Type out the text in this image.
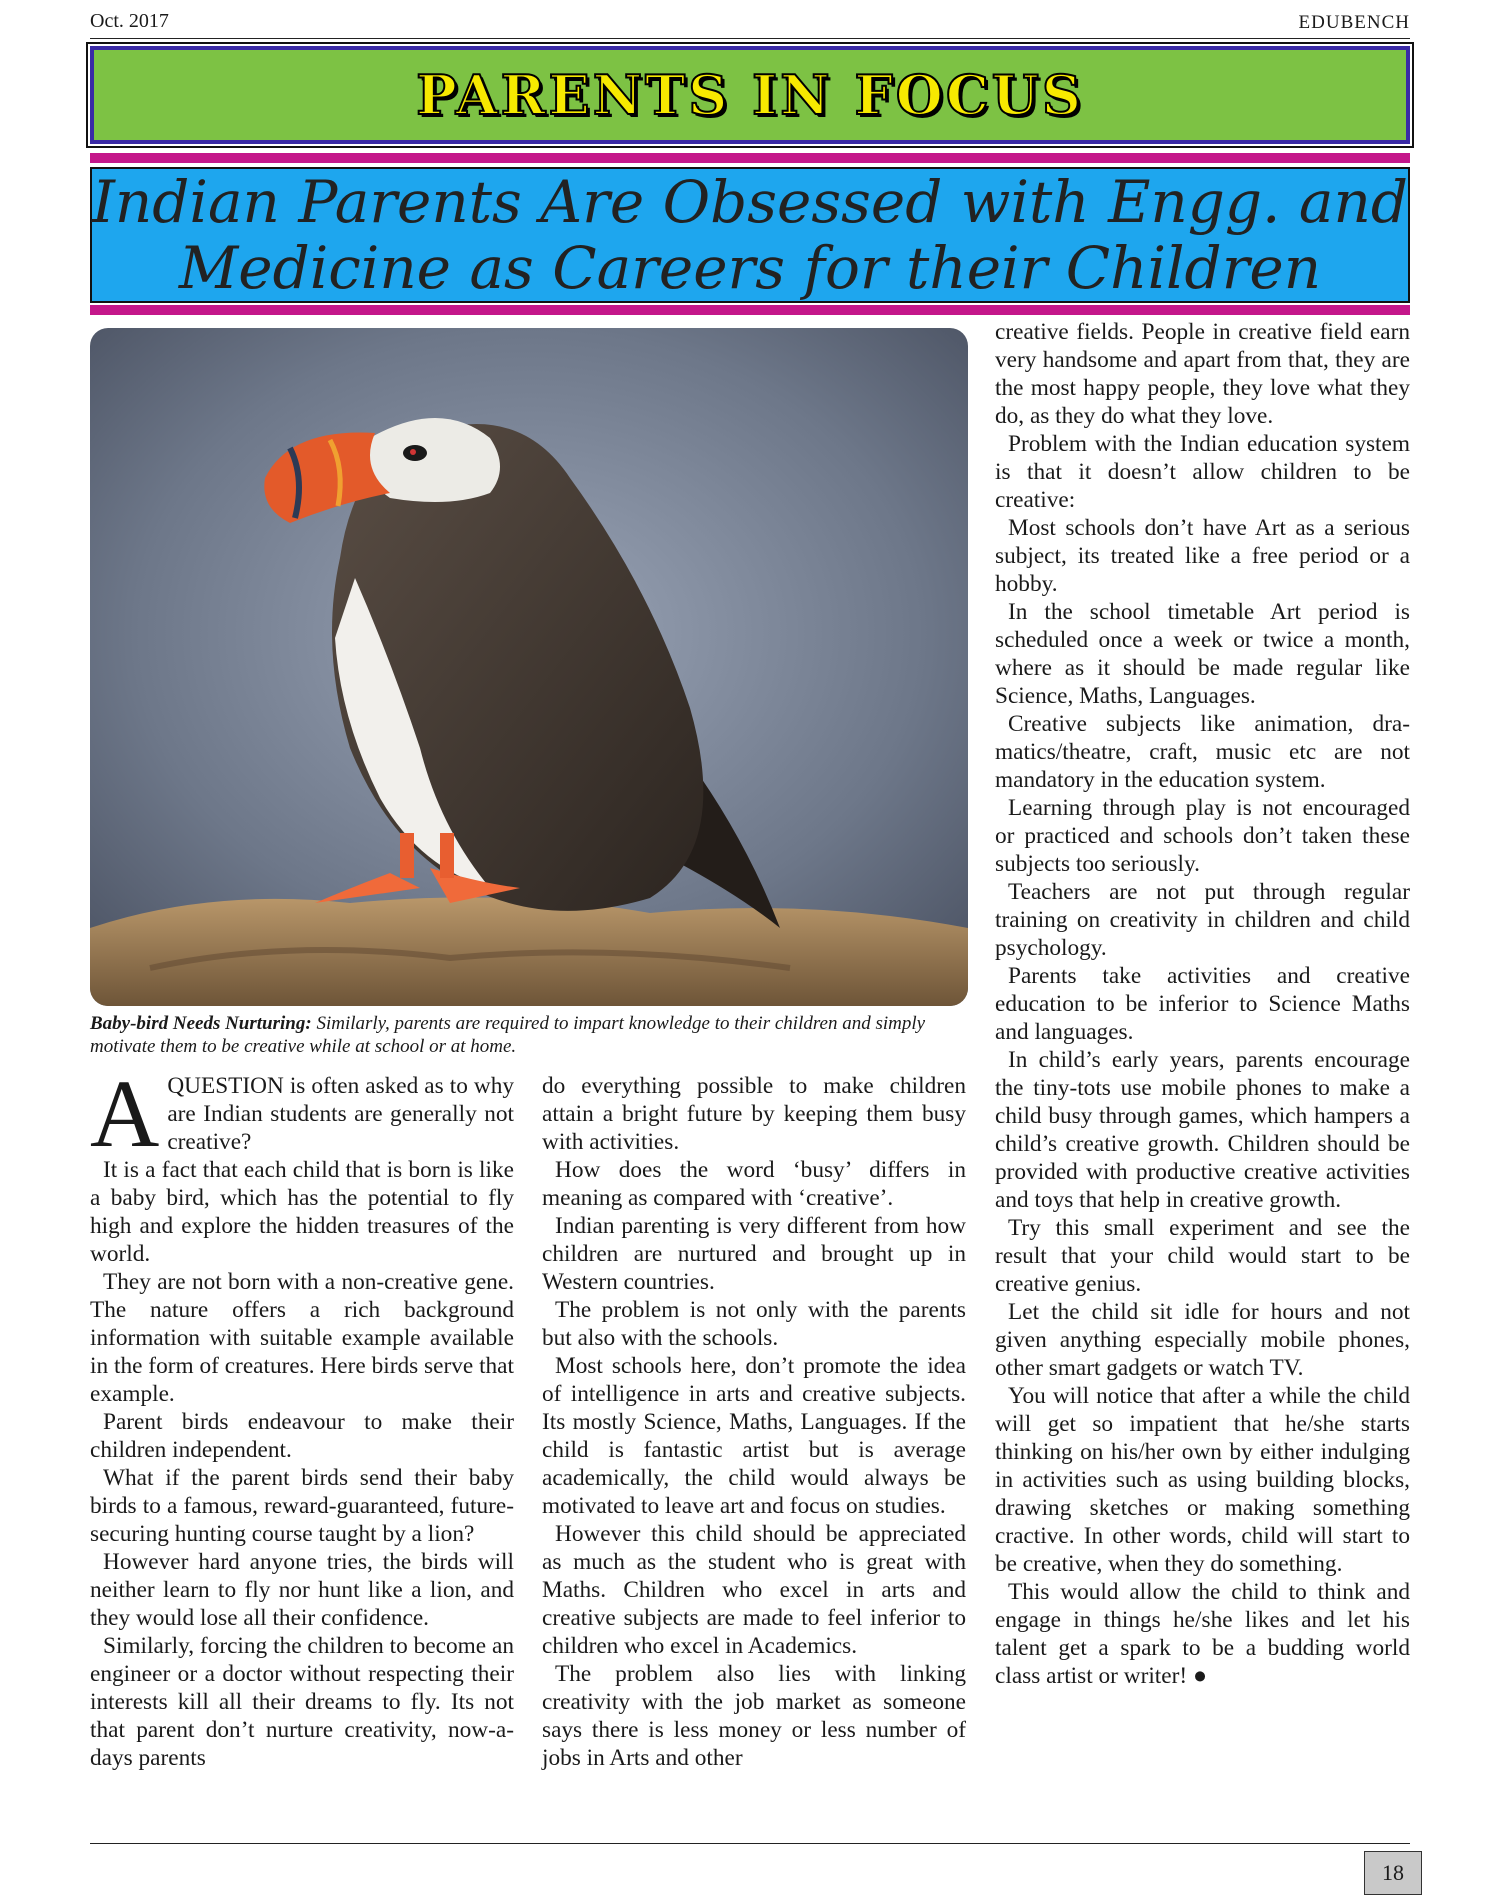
Oct. 2017	EDUBENCH
PARENTS IN FOCUS
Indian Parents Are Obsessed with Engg. and
Medicine as Careers for their Children
Baby-bird Needs Nurturing: Similarly, parents are required to impart knowledge to their children and simply motivate them to be creative while at school or at home.
A QUESTION is often asked as to why are Indian students are generally not creative?

It is a fact that each child that is born is like a baby bird, which has the potential to fly high and explore the hidden treasures of the world.

They are not born with a non-creative gene. The nature offers a rich background information with suitable example available in the form of creatures. Here birds serve that example.

Parent birds endeavour to make their children independent.

What if the parent birds send their baby birds to a famous, reward-guaranteed, future-securing hunting course taught by a lion?

However hard anyone tries, the birds will neither learn to fly nor hunt like a lion, and they would lose all their confidence.

Similarly, forcing the children to become an engineer or a doctor without respecting their interests kill all their dreams to fly. Its not that parent don’t nurture creativity, now-a-days parents

do everything possible to make children attain a bright future by keeping them busy with activities.

How does the word ‘busy’ differs in meaning as compared with ‘creative’.

Indian parenting is very different from how children are nurtured and brought up in Western countries.

The problem is not only with the parents but also with the schools.

Most schools here, don’t promote the idea of intelligence in arts and creative subjects. Its mostly Science, Maths, Languages. If the child is fantastic artist but is average academically, the child would always be motivated to leave art and focus on studies.

However this child should be appreciated as much as the student who is great with Maths. Children who excel in arts and creative subjects are made to feel inferior to children who excel in Academics.

The problem also lies with linking creativity with the job market as someone says there is less money or less number of jobs in Arts and other

creative fields. People in creative field earn very handsome and apart from that, they are the most happy people, they love what they do, as they do what they love.

Problem with the Indian education system is that it doesn’t allow children to be creative:

Most schools don’t have Art as a serious subject, its treated like a free period or a hobby.

In the school timetable Art period is scheduled once a week or twice a month, where as it should be made regular like Science, Maths, Languages.

Creative subjects like animation, dramatics/theatre, craft, music etc are not mandatory in the education system.

Learning through play is not encouraged or practiced and schools don’t taken these subjects too seriously.

Teachers are not put through regular training on creativity in children and child psychology.

Parents take activities and creative education to be inferior to Science Maths and languages.

In child’s early years, parents encourage the tiny-tots use mobile phones to make a child busy through games, which hampers a child’s creative growth. Children should be provided with productive creative activities and toys that help in creative growth.

Try this small experiment and see the result that your child would start to be creative genius.

Let the child sit idle for hours and not given anything especially mobile phones, other smart gadgets or watch TV.

You will notice that after a while the child will get so impatient that he/she starts thinking on his/her own by either indulging in activities such as using building blocks, drawing sketches or making something cractive. In other words, child will start to be creative, when they do something.

This would allow the child to think and engage in things he/she likes and let his talent get a spark to be a budding world class artist or writer! ●

18
